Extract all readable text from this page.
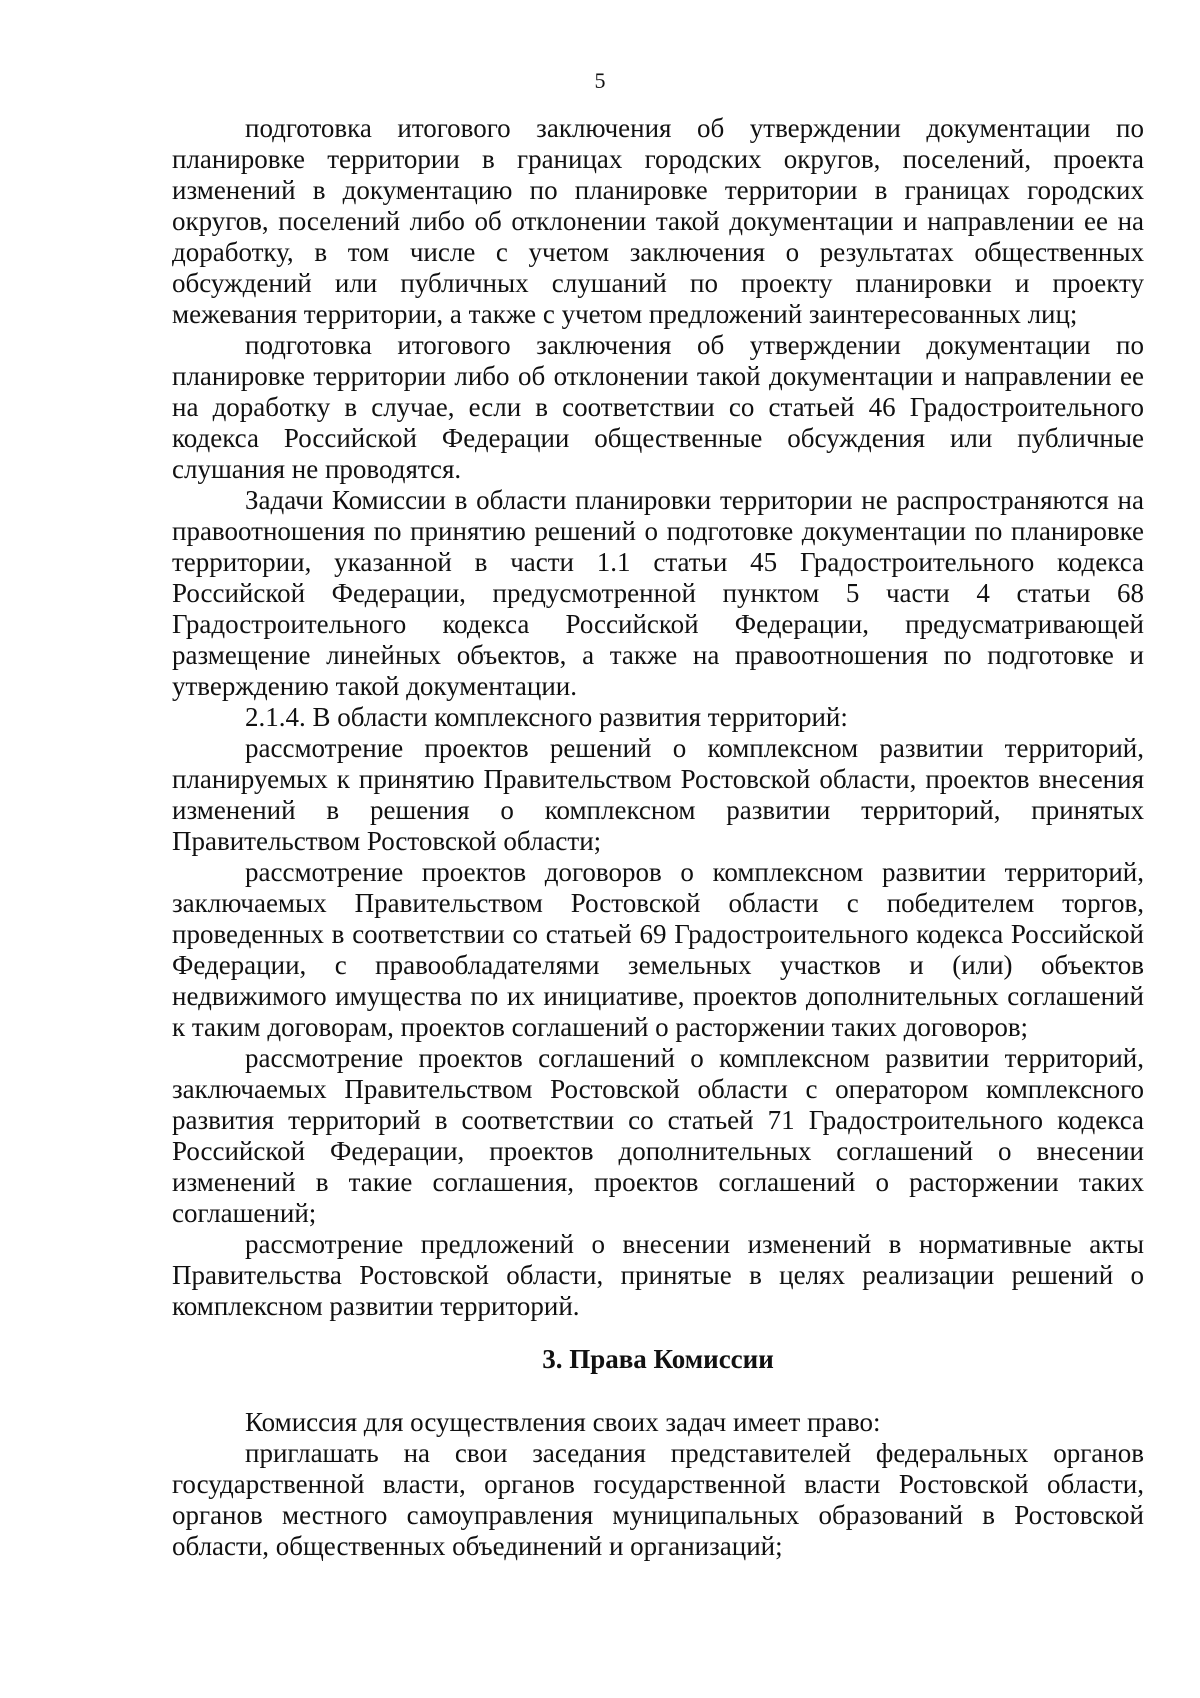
5

подготовка итогового заключения об утверждении документации по планировке территории в границах городских округов, поселений, проекта изменений в документацию по планировке территории в границах городских округов, поселений либо об отклонении такой документации и направлении ее на доработку, в том числе с учетом заключения о результатах общественных обсуждений или публичных слушаний по проекту планировки и проекту межевания территории, а также с учетом предложений заинтересованных лиц;

подготовка итогового заключения об утверждении документации по планировке территории либо об отклонении такой документации и направлении ее на доработку в случае, если в соответствии со статьей 46 Градостроительного кодекса Российской Федерации общественные обсуждения или публичные слушания не проводятся.

Задачи Комиссии в области планировки территории не распространяются на правоотношения по принятию решений о подготовке документации по планировке территории, указанной в части 1.1 статьи 45 Градостроительного кодекса Российской Федерации, предусмотренной пунктом 5 части 4 статьи 68 Градостроительного кодекса Российской Федерации, предусматривающей размещение линейных объектов, а также на правоотношения по подготовке и утверждению такой документации.

2.1.4. В области комплексного развития территорий:

рассмотрение проектов решений о комплексном развитии территорий, планируемых к принятию Правительством Ростовской области, проектов внесения изменений в решения о комплексном развитии территорий, принятых Правительством Ростовской области;

рассмотрение проектов договоров о комплексном развитии территорий, заключаемых Правительством Ростовской области с победителем торгов, проведенных в соответствии со статьей 69 Градостроительного кодекса Российской Федерации, с правообладателями земельных участков и (или) объектов недвижимого имущества по их инициативе, проектов дополнительных соглашений к таким договорам, проектов соглашений о расторжении таких договоров;

рассмотрение проектов соглашений о комплексном развитии территорий, заключаемых Правительством Ростовской области с оператором комплексного развития территорий в соответствии со статьей 71 Градостроительного кодекса Российской Федерации, проектов дополнительных соглашений о внесении изменений в такие соглашения, проектов соглашений о расторжении таких соглашений;

рассмотрение предложений о внесении изменений в нормативные акты Правительства Ростовской области, принятые в целях реализации решений о комплексном развитии территорий.

3. Права Комиссии

Комиссия для осуществления своих задач имеет право:

приглашать на свои заседания представителей федеральных органов государственной власти, органов государственной власти Ростовской области, органов местного самоуправления муниципальных образований в Ростовской области, общественных объединений и организаций;
